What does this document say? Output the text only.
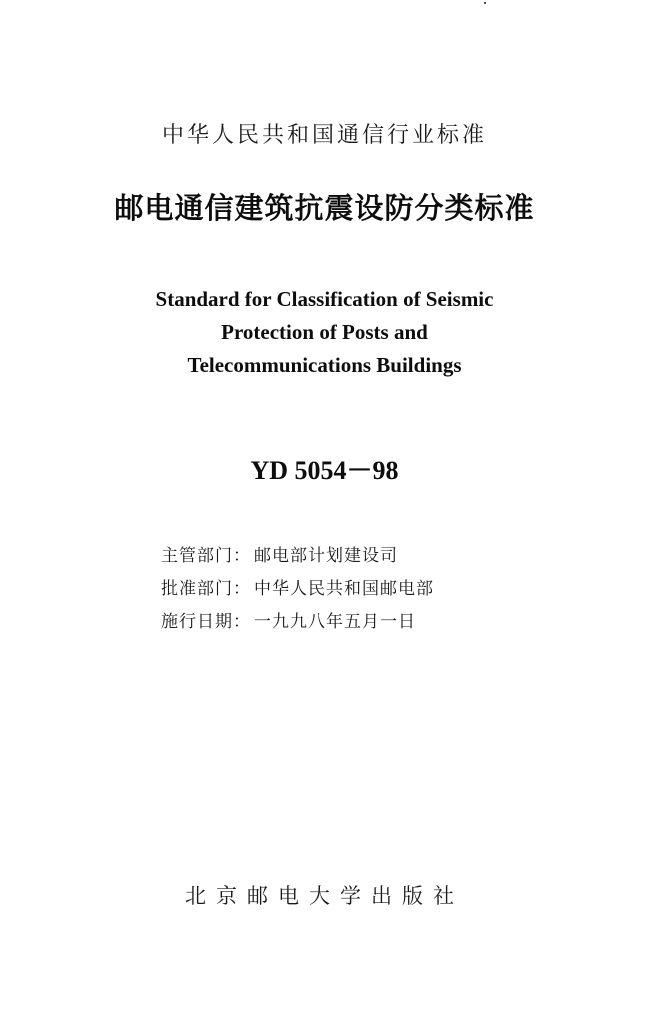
中华人民共和国通信行业标准
邮电通信建筑抗震设防分类标准
Standard for Classification of Seismic
Protection of Posts and
Telecommunications Buildings
YD 5054－98
主管部门： 邮电部计划建设司
批准部门： 中华人民共和国邮电部
施行日期： 一九九八年五月一日
北京邮电大学出版社
